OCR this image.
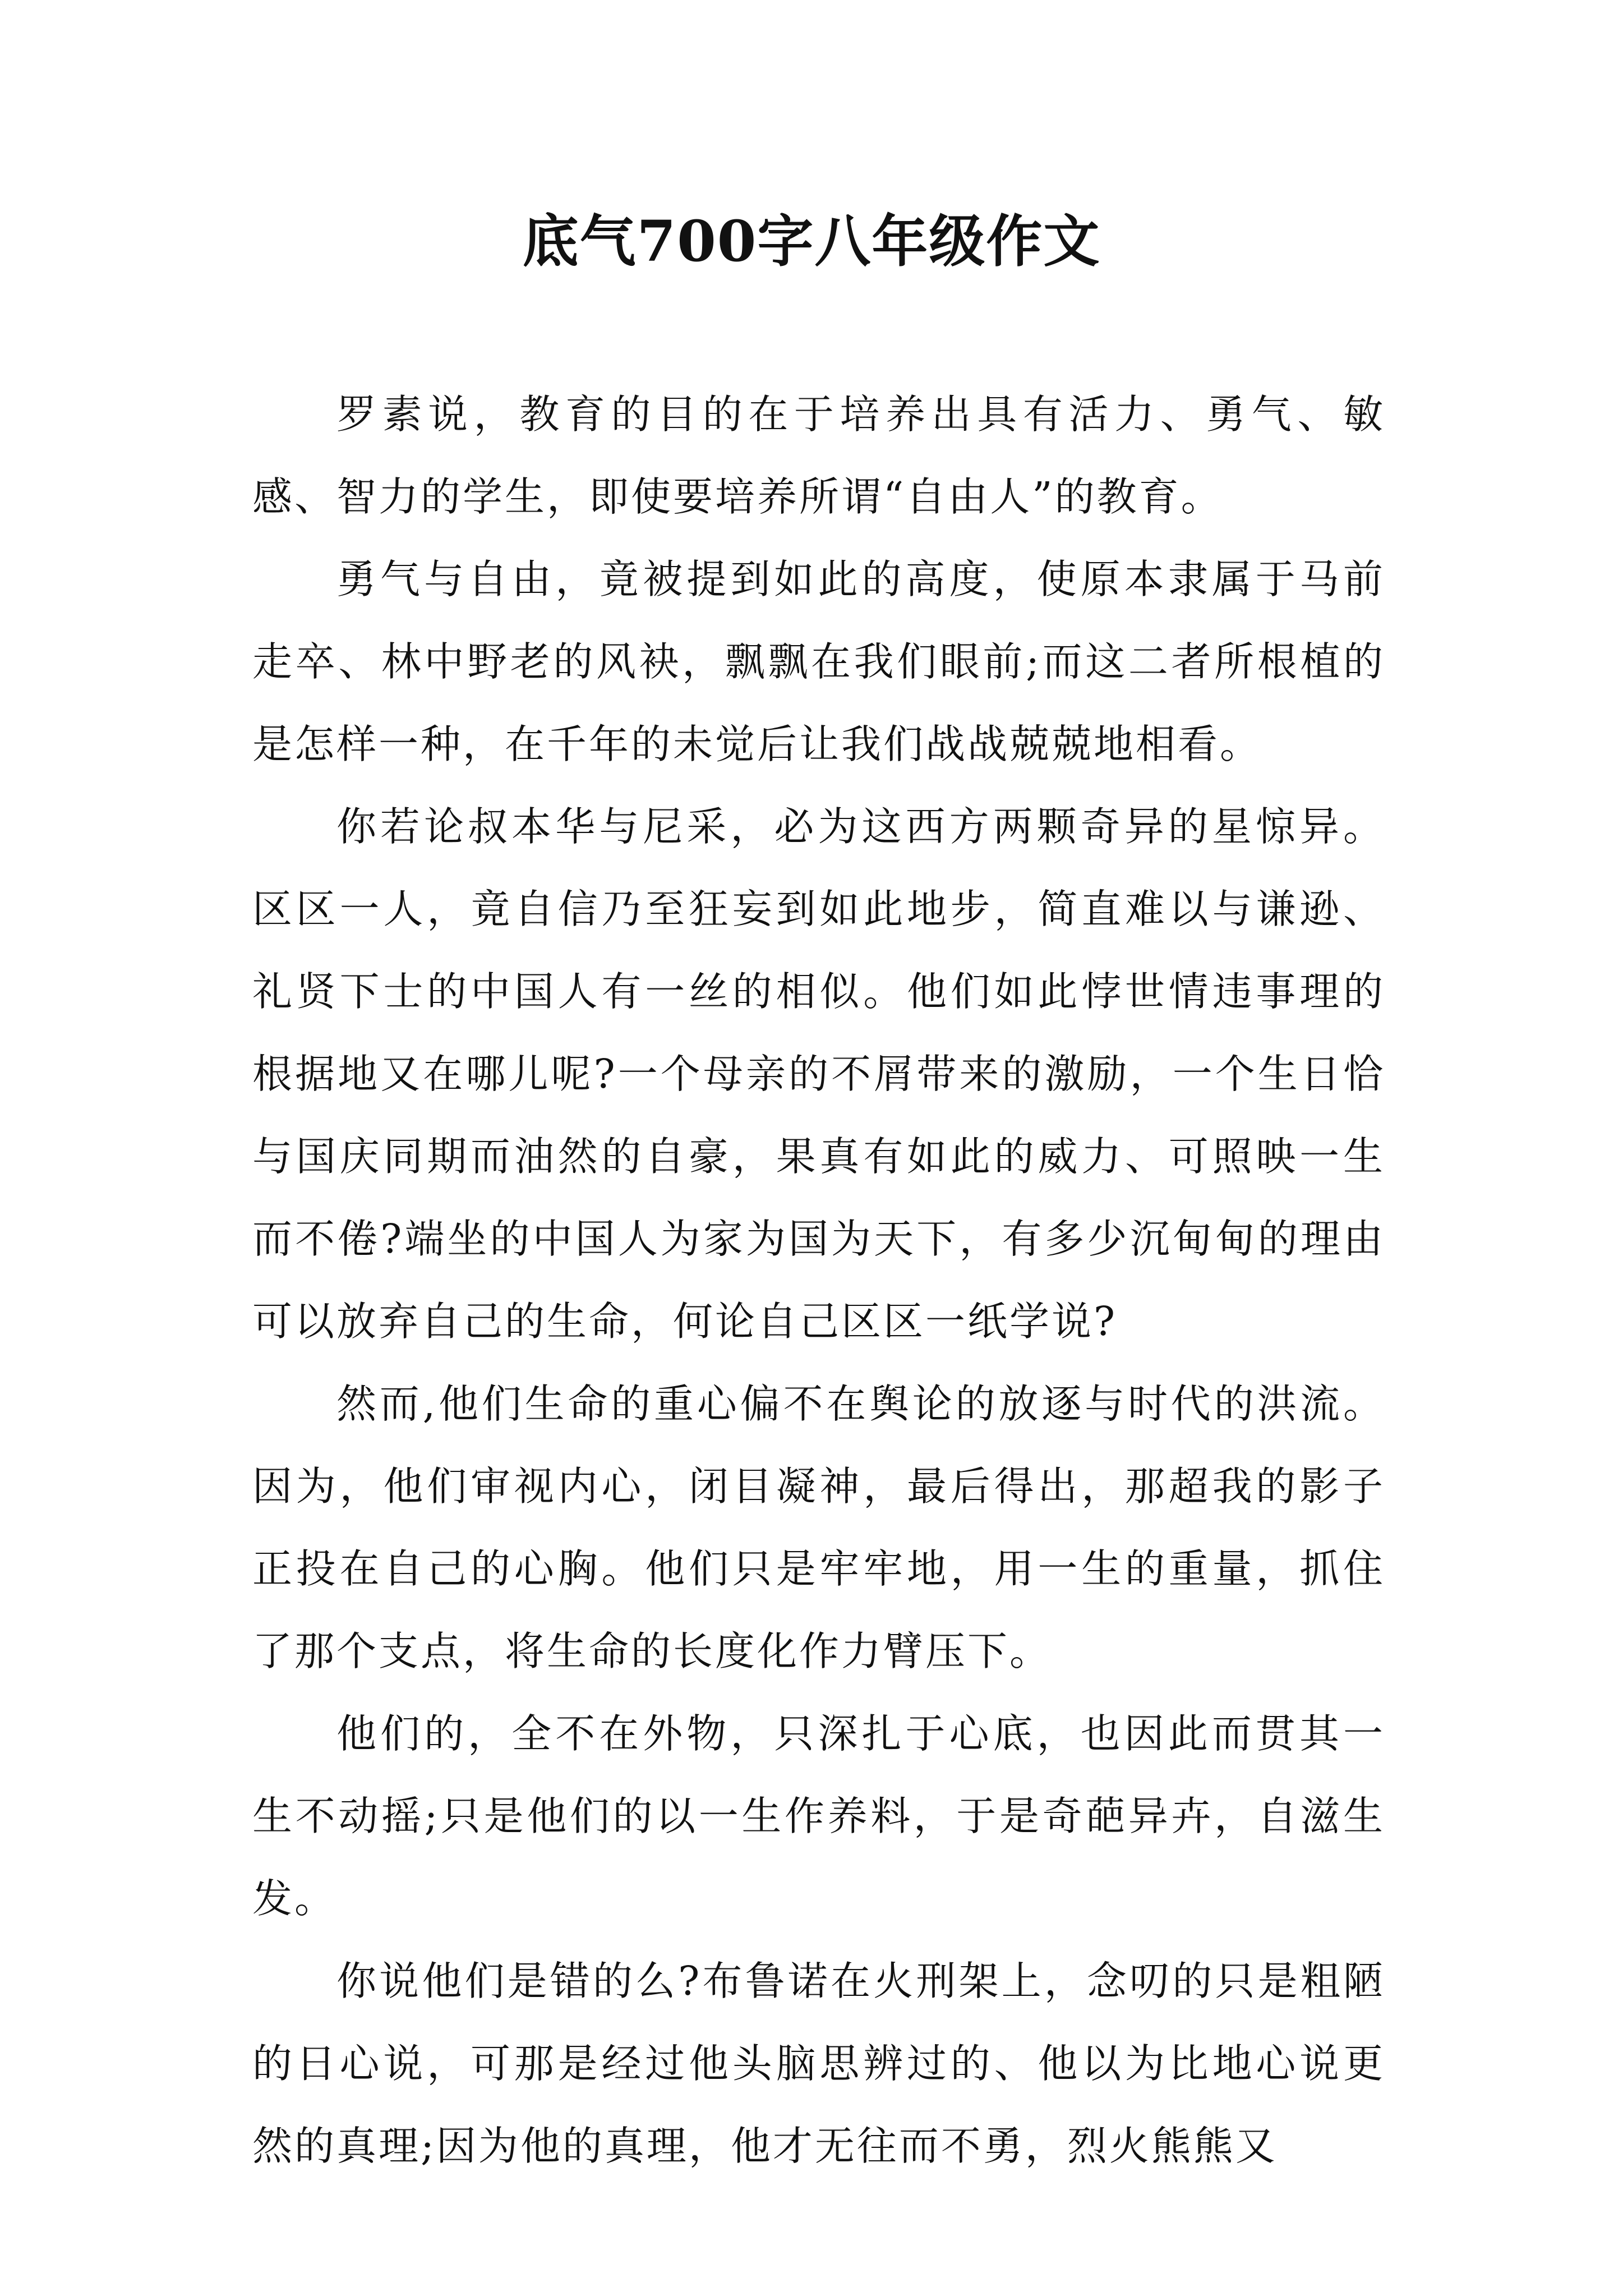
底气700字八年级作文

罗素说，教育的目的在于培养出具有活力、勇气、敏感、智力的学生，即使要培养所谓“自由人”的教育。

勇气与自由，竟被提到如此的高度，使原本隶属于马前走卒、林中野老的风袂，飘飘在我们眼前;而这二者所根植的是怎样一种，在千年的未觉后让我们战战兢兢地相看。

你若论叔本华与尼采，必为这西方两颗奇异的星惊异。区区一人，竟自信乃至狂妄到如此地步，简直难以与谦逊、礼贤下士的中国人有一丝的相似。他们如此悖世情违事理的根据地又在哪儿呢?一个母亲的不屑带来的激励，一个生日恰与国庆同期而油然的自豪，果真有如此的威力、可照映一生而不倦?端坐的中国人为家为国为天下，有多少沉甸甸的理由可以放弃自己的生命，何论自己区区一纸学说?

然而,他们生命的重心偏不在舆论的放逐与时代的洪流。因为，他们审视内心，闭目凝神，最后得出，那超我的影子正投在自己的心胸。他们只是牢牢地，用一生的重量，抓住了那个支点，将生命的长度化作力臂压下。

他们的，全不在外物，只深扎于心底，也因此而贯其一生不动摇;只是他们的以一生作养料，于是奇葩异卉，自滋生发。

你说他们是错的么?布鲁诺在火刑架上，念叨的只是粗陋的日心说，可那是经过他头脑思辨过的、他以为比地心说更然的真理;因为他的真理，他才无往而不勇，烈火熊熊又
